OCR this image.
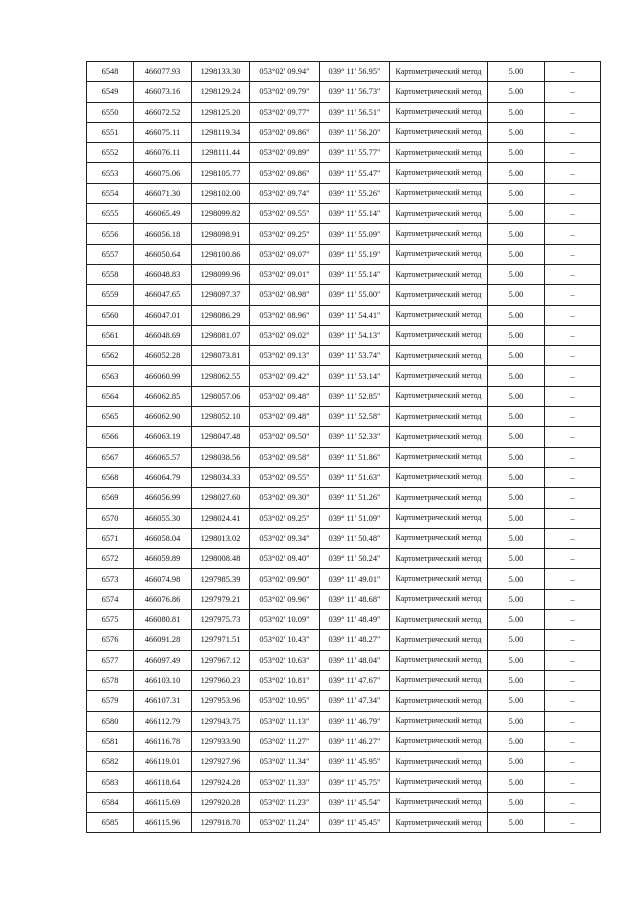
6548	466077.93	1298133.30	053°02' 09.94"	039° 11' 56.95"	Картометрический метод	5.00	–
6549	466073.16	1298129.24	053°02' 09.79"	039° 11' 56.73"	Картометрический метод	5.00	–
6550	466072.52	1298125.20	053°02' 09.77"	039° 11' 56.51"	Картометрический метод	5.00	–
6551	466075.11	1298119.34	053°02' 09.86"	039° 11' 56.20"	Картометрический метод	5.00	–
6552	466076.11	1298111.44	053°02' 09.89"	039° 11' 55.77"	Картометрический метод	5.00	–
6553	466075.06	1298105.77	053°02' 09.86"	039° 11' 55.47"	Картометрический метод	5.00	–
6554	466071.30	1298102.00	053°02' 09.74"	039° 11' 55.26"	Картометрический метод	5.00	–
6555	466065.49	1298099.82	053°02' 09.55"	039° 11' 55.14"	Картометрический метод	5.00	–
6556	466056.18	1298098.91	053°02' 09.25"	039° 11' 55.09"	Картометрический метод	5.00	–
6557	466050.64	1298100.86	053°02' 09.07"	039° 11' 55.19"	Картометрический метод	5.00	–
6558	466048.83	1298099.96	053°02' 09.01"	039° 11' 55.14"	Картометрический метод	5.00	–
6559	466047.65	1298097.37	053°02' 08.98"	039° 11' 55.00"	Картометрический метод	5.00	–
6560	466047.01	1298086.29	053°02' 08.96"	039° 11' 54.41"	Картометрический метод	5.00	–
6561	466048.69	1298081.07	053°02' 09.02"	039° 11' 54.13"	Картометрический метод	5.00	–
6562	466052.28	1298073.81	053°02' 09.13"	039° 11' 53.74"	Картометрический метод	5.00	–
6563	466060.99	1298062.55	053°02' 09.42"	039° 11' 53.14"	Картометрический метод	5.00	–
6564	466062.85	1298057.06	053°02' 09.48"	039° 11' 52.85"	Картометрический метод	5.00	–
6565	466062.90	1298052.10	053°02' 09.48"	039° 11' 52.58"	Картометрический метод	5.00	–
6566	466063.19	1298047.48	053°02' 09.50"	039° 11' 52.33"	Картометрический метод	5.00	–
6567	466065.57	1298038.56	053°02' 09.58"	039° 11' 51.86"	Картометрический метод	5.00	–
6568	466064.79	1298034.33	053°02' 09.55"	039° 11' 51.63"	Картометрический метод	5.00	–
6569	466056.99	1298027.60	053°02' 09.30"	039° 11' 51.26"	Картометрический метод	5.00	–
6570	466055.30	1298024.41	053°02' 09.25"	039° 11' 51.09"	Картометрический метод	5.00	–
6571	466058.04	1298013.02	053°02' 09.34"	039° 11' 50.48"	Картометрический метод	5.00	–
6572	466059.89	1298008.48	053°02' 09.40"	039° 11' 50.24"	Картометрический метод	5.00	–
6573	466074.98	1297985.39	053°02' 09.90"	039° 11' 49.01"	Картометрический метод	5.00	–
6574	466076.86	1297979.21	053°02' 09.96"	039° 11' 48.68"	Картометрический метод	5.00	–
6575	466080.81	1297975.73	053°02' 10.09"	039° 11' 48.49"	Картометрический метод	5.00	–
6576	466091.28	1297971.51	053°02' 10.43"	039° 11' 48.27"	Картометрический метод	5.00	–
6577	466097.49	1297967.12	053°02' 10.63"	039° 11' 48.04"	Картометрический метод	5.00	–
6578	466103.10	1297960.23	053°02' 10.81"	039° 11' 47.67"	Картометрический метод	5.00	–
6579	466107.31	1297953.96	053°02' 10.95"	039° 11' 47.34"	Картометрический метод	5.00	–
6580	466112.79	1297943.75	053°02' 11.13"	039° 11' 46.79"	Картометрический метод	5.00	–
6581	466116.78	1297933.90	053°02' 11.27"	039° 11' 46.27"	Картометрический метод	5.00	–
6582	466119.01	1297927.96	053°02' 11.34"	039° 11' 45.95"	Картометрический метод	5.00	–
6583	466118.64	1297924.28	053°02' 11.33"	039° 11' 45.75"	Картометрический метод	5.00	–
6584	466115.69	1297920.28	053°02' 11.23"	039° 11' 45.54"	Картометрический метод	5.00	–
6585	466115.96	1297918.70	053°02' 11.24"	039° 11' 45.45"	Картометрический метод	5.00	–
